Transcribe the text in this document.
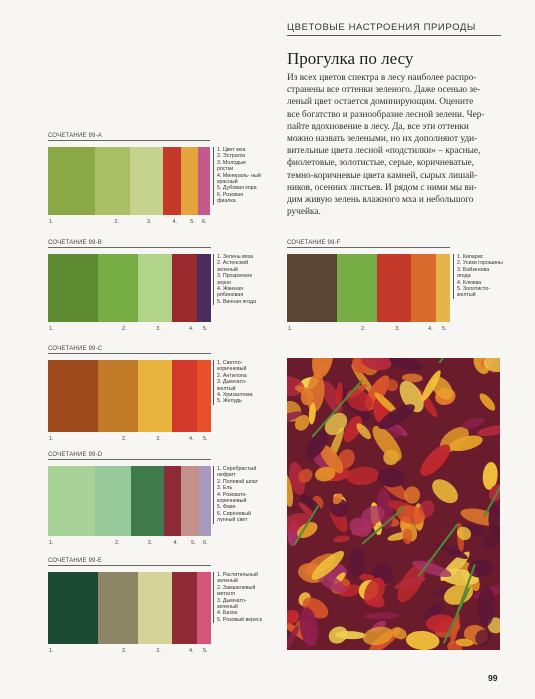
ЦВЕТОВЫЕ НАСТРОЕНИЯ ПРИРОДЫ
Прогулка по лесу

Из всех цветов спектра в лесу наиболее распро-
странены все оттенки зеленого. Даже осенью зе-
леный цвет остается доминирующим. Оцените
все богатство и разнообразие лесной зелени. Чер-
пайте вдохновение в лесу. Да, все эти оттенки
можно назвать зелеными, но их дополняют уди-
вительные цвета лесной «подстилки» – красные,
фиолетовые, золотистые, серые, коричневатые,
темно-коричневые цвета камней, сырых лишай-
ников, осенних листьев. И рядом с ними мы ви-
дим живую зелень влажного мха и небольшого
ручейка.

СОЧЕТАНИЕ 99-А
1.	2.	3.	4. 5. 6.
1. Цвет мха
2. Эстрагон
3. Молодые ростки
4. Минераль- ный красный
5. Дубовая кора
6. Розовая фиалка
СОЧЕТАНИЕ 99-В
1.	2.	3.	4. 5.
1. Зелень вяза
2. Астенский зеленый
3. Прозрачное зерно
4. Жженая рябиновая
5. Винная ягода
СОЧЕТАНИЕ 99-С
1.	2.	3.	4. 5.
1. Светло- коричневый
2. Антилопа
3. Дымчато- желтый
4. Хризантема
5. Желудь
СОЧЕТАНИЕ 99-D
1.	2.	3.	4. 5. 6.
1. Серебристый нефрит
2. Полевой шпат
3. Ель
4. Розовато- коричневый
5. Фавн
6. Сиреневый лунный свет
СОЧЕТАНИЕ 99-Е
1.	2.	3.	4. 5.
1. Растительный зеленый
2. Замшелевый металл
3. Дымчато- зеленый
4. Бизон
5. Розовый вереск
СОЧЕТАНИЕ 99-F
1.	2.	3.	4. 5.
1. Кипарис
2. Усики горошины
3. Бойзенова ягода
4. Клюква
5. Золотисто- желтый
99
